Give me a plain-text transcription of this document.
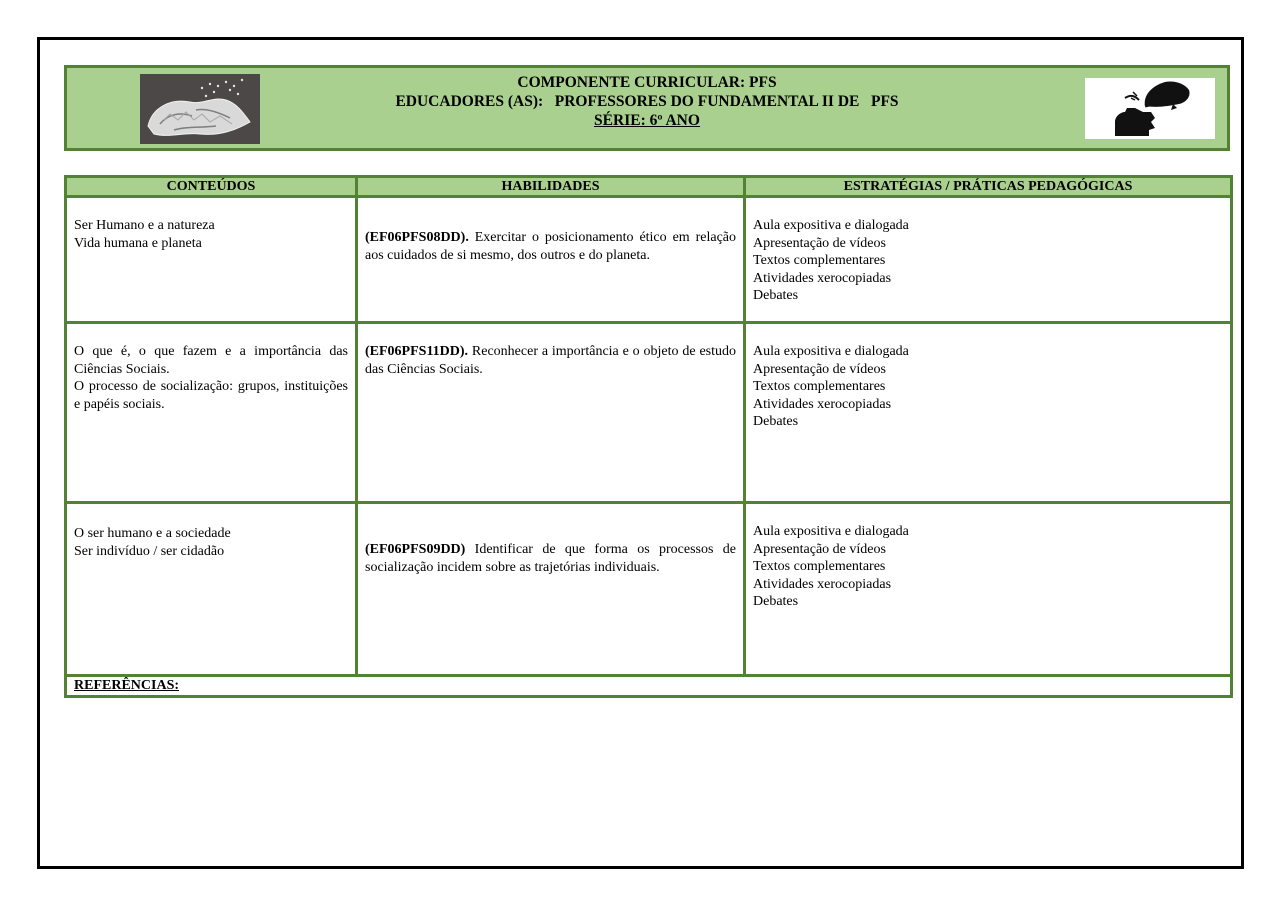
COMPONENTE CURRICULAR: PFS
EDUCADORES (AS):   PROFESSORES DO FUNDAMENTAL II DE   PFS
SÉRIE: 6º ANO
CONTEÚDOS	HABILIDADES	ESTRATÉGIAS / PRÁTICAS PEDAGÓGICAS

Ser Humano e a natureza
Vida humana e planeta	(EF06PFS08DD). Exercitar o posicionamento ético em relação aos cuidados de si mesmo, dos outros e do planeta.	Aula expositiva e dialogada
Apresentação de vídeos
Textos complementares
Atividades xerocopiadas
Debates

O que é, o que fazem e a importância das Ciências Sociais.
O processo de socialização: grupos, instituições e papéis sociais.	(EF06PFS11DD). Reconhecer a importância e o objeto de estudo das Ciências Sociais.	Aula expositiva e dialogada
Apresentação de vídeos
Textos complementares
Atividades xerocopiadas
Debates

O ser humano e a sociedade
Ser indivíduo / ser cidadão	(EF06PFS09DD) Identificar de que forma os processos de socialização incidem sobre as trajetórias individuais.	Aula expositiva e dialogada
Apresentação de vídeos
Textos complementares
Atividades xerocopiadas
Debates

REFERÊNCIAS:		
